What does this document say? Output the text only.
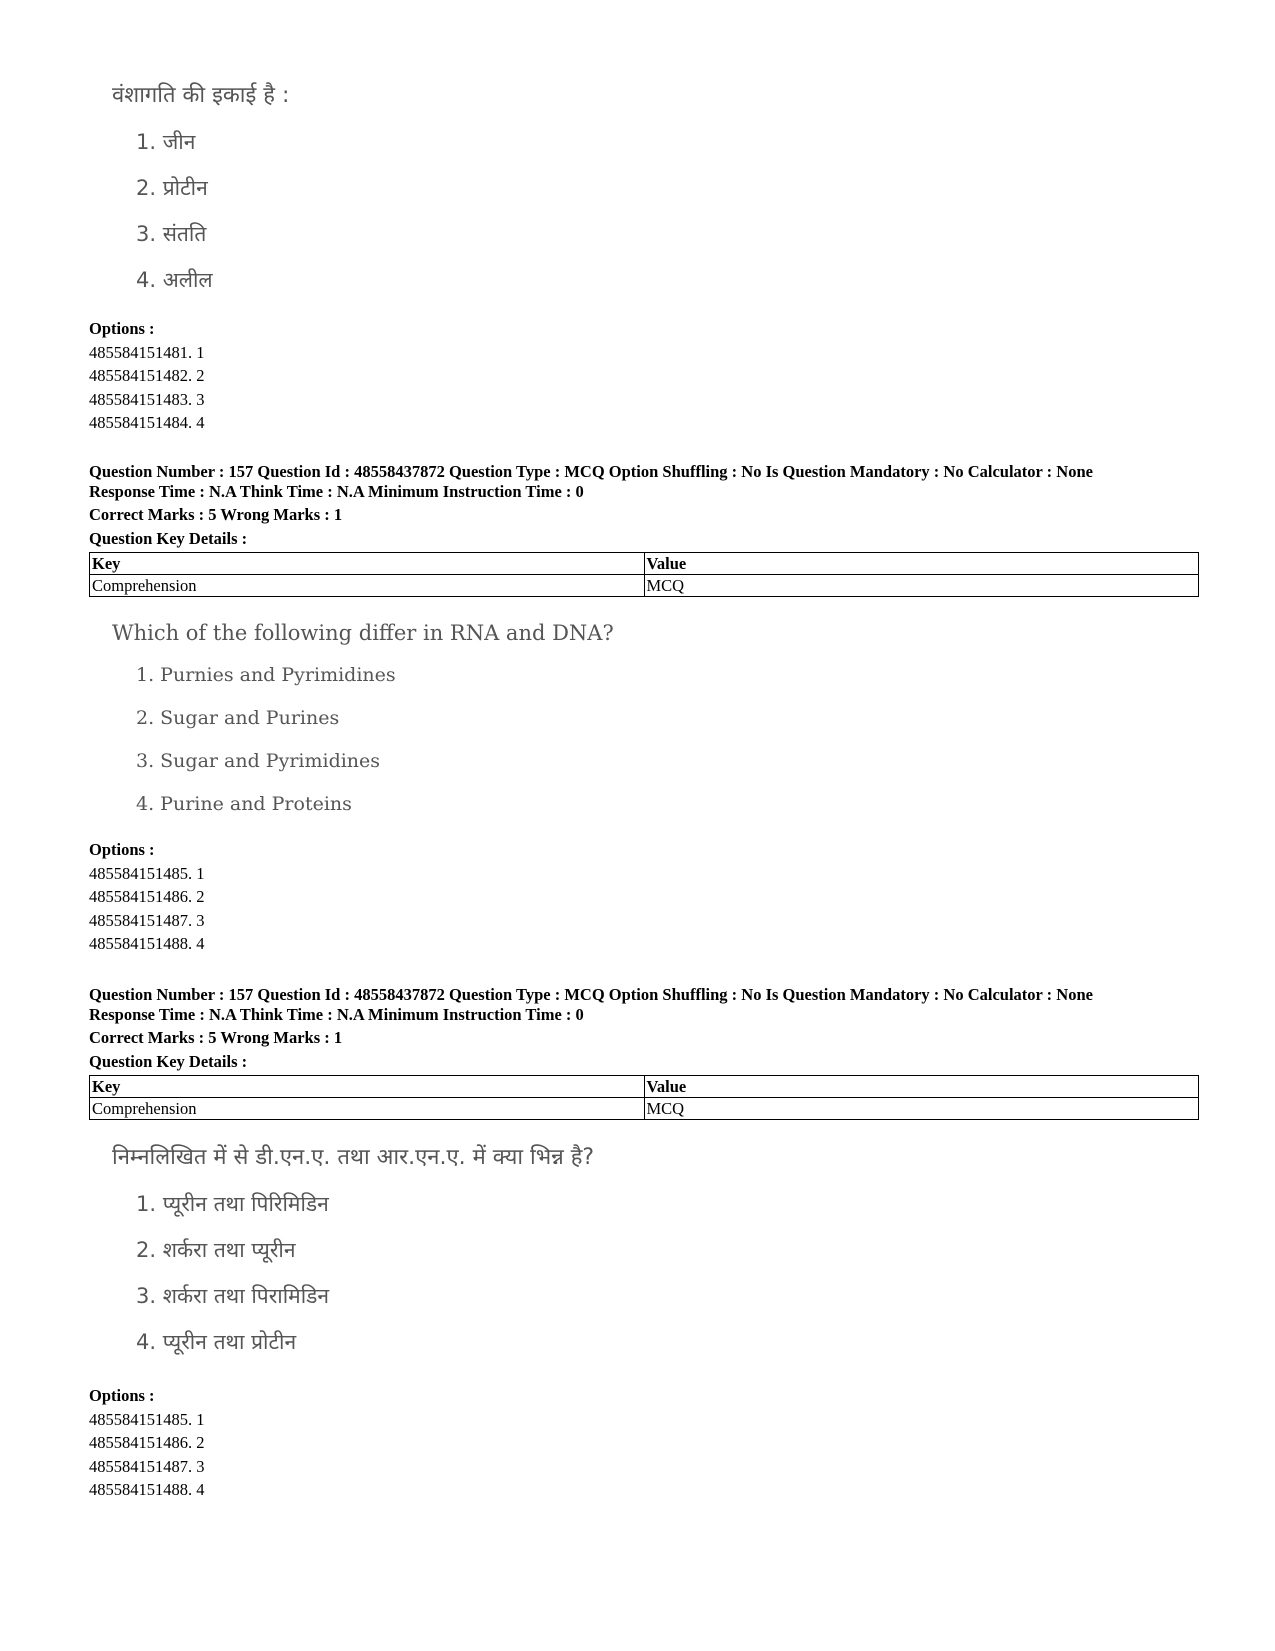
वंशागति की इकाई है :
1. जीन
2. प्रोटीन
3. संतति
4. अलील
Options :
485584151481. 1
485584151482. 2
485584151483. 3
485584151484. 4
Question Number : 157 Question Id : 48558437872 Question Type : MCQ Option Shuffling : No Is Question Mandatory : No Calculator : None
Response Time : N.A Think Time : N.A Minimum Instruction Time : 0
Correct Marks : 5 Wrong Marks : 1
Question Key Details :
Key	Value
Comprehension	MCQ
Which of the following differ in RNA and DNA?
1. Purnies and Pyrimidines
2. Sugar and Purines
3. Sugar and Pyrimidines
4. Purine and Proteins
Options :
485584151485. 1
485584151486. 2
485584151487. 3
485584151488. 4
Question Number : 157 Question Id : 48558437872 Question Type : MCQ Option Shuffling : No Is Question Mandatory : No Calculator : None
Response Time : N.A Think Time : N.A Minimum Instruction Time : 0
Correct Marks : 5 Wrong Marks : 1
Question Key Details :
Key	Value
Comprehension	MCQ
निम्नलिखित में से डी.एन.ए. तथा आर.एन.ए. में क्या भिन्न है?
1. प्यूरीन तथा पिरिमिडिन
2. शर्करा तथा प्यूरीन
3. शर्करा तथा पिरामिडिन
4. प्यूरीन तथा प्रोटीन
Options :
485584151485. 1
485584151486. 2
485584151487. 3
485584151488. 4
